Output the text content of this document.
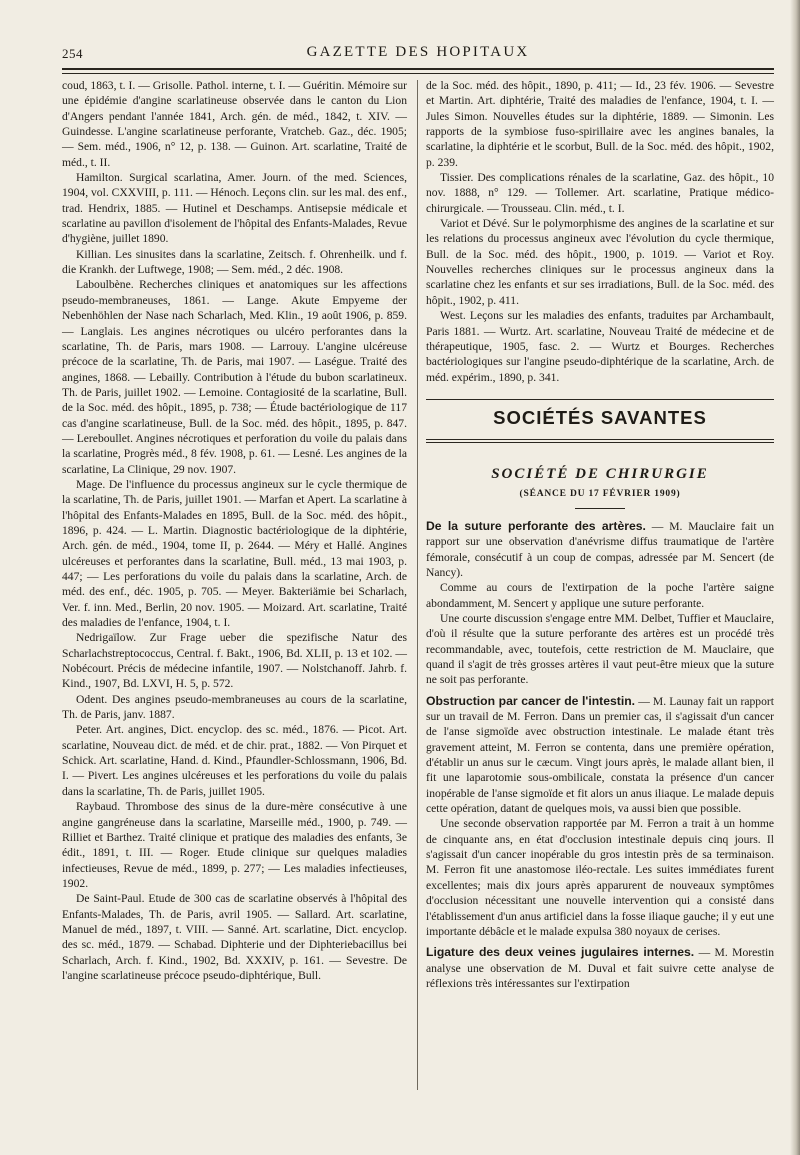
254	GAZETTE DES HOPITAUX

coud, 1863, t. I. — Grisolle. Pathol. interne, t. I. — Guéritin. Mémoire sur une épidémie d'angine scarlatineuse observée dans le canton du Lion d'Angers pendant l'année 1841, Arch. gén. de méd., 1842, t. XIV. — Guindesse. L'angine scarlatineuse perforante, Vratcheb. Gaz., déc. 1905; — Sem. méd., 1906, n° 12, p. 138. — Guinon. Art. scarlatine, Traité de méd., t. II.

Hamilton. Surgical scarlatina, Amer. Journ. of the med. Sciences, 1904, vol. CXXVIII, p. 111. — Hénoch. Leçons clin. sur les mal. des enf., trad. Hendrix, 1885. — Hutinel et Deschamps. Antisepsie médicale et scarlatine au pavillon d'isolement de l'hôpital des Enfants-Malades, Revue d'hygiène, juillet 1890.

Killian. Les sinusites dans la scarlatine, Zeitsch. f. Ohrenheilk. und f. die Krankh. der Luftwege, 1908; — Sem. méd., 2 déc. 1908.

Laboulbène. Recherches cliniques et anatomiques sur les affections pseudo-membraneuses, 1861. — Lange. Akute Empyeme der Nebenhöhlen der Nase nach Scharlach, Med. Klin., 19 août 1906, p. 859. — Langlais. Les angines nécrotiques ou ulcéro perforantes dans la scarlatine, Th. de Paris, mars 1908. — Larrouy. L'angine ulcéreuse précoce de la scarlatine, Th. de Paris, mai 1907. — Laségue. Traité des angines, 1868. — Lebailly. Contribution à l'étude du bubon scarlatineux. Th. de Paris, juillet 1902. — Lemoine. Contagiosité de la scarlatine, Bull. de la Soc. méd. des hôpit., 1895, p. 738; — Étude bactériologique de 117 cas d'angine scarlatineuse, Bull. de la Soc. méd. des hôpit., 1895, p. 847. — Lereboullet. Angines nécrotiques et perforation du voile du palais dans la scarlatine, Progrès méd., 8 fév. 1908, p. 61. — Lesné. Les angines de la scarlatine, La Clinique, 29 nov. 1907.

Mage. De l'influence du processus angineux sur le cycle thermique de la scarlatine, Th. de Paris, juillet 1901. — Marfan et Apert. La scarlatine à l'hôpital des Enfants-Malades en 1895, Bull. de la Soc. méd. des hôpit., 1896, p. 424. — L. Martin. Diagnostic bactériologique de la diphtérie, Arch. gén. de méd., 1904, tome II, p. 2644. — Méry et Hallé. Angines ulcéreuses et perforantes dans la scarlatine, Bull. méd., 13 mai 1903, p. 447; — Les perforations du voile du palais dans la scarlatine, Arch. de méd. des enf., déc. 1905, p. 705. — Meyer. Bakteriämie bei Scharlach, Ver. f. inn. Med., Berlin, 20 nov. 1905. — Moizard. Art. scarlatine, Traité des maladies de l'enfance, 1904, t. I.

Nedrigaïlow. Zur Frage ueber die spezifische Natur des Scharlachstreptococcus, Central. f. Bakt., 1906, Bd. XLII, p. 13 et 102. — Nobécourt. Précis de médecine infantile, 1907. — Nolstchanoff. Jahrb. f. Kind., 1907, Bd. LXVI, H. 5, p. 572.

Odent. Des angines pseudo-membraneuses au cours de la scarlatine, Th. de Paris, janv. 1887.

Peter. Art. angines, Dict. encyclop. des sc. méd., 1876. — Picot. Art. scarlatine, Nouveau dict. de méd. et de chir. prat., 1882. — Von Pirquet et Schick. Art. scarlatine, Hand. d. Kind., Pfaundler-Schlossmann, 1906, Bd. I. — Pivert. Les angines ulcéreuses et les perforations du voile du palais dans la scarlatine, Th. de Paris, juillet 1905.

Raybaud. Thrombose des sinus de la dure-mère consécutive à une angine gangréneuse dans la scarlatine, Marseille méd., 1900, p. 749. — Rilliet et Barthez. Traité clinique et pratique des maladies des enfants, 3e édit., 1891, t. III. — Roger. Etude clinique sur quelques maladies infectieuses, Revue de méd., 1899, p. 277; — Les maladies infectieuses, 1902.

De Saint-Paul. Etude de 300 cas de scarlatine observés à l'hôpital des Enfants-Malades, Th. de Paris, avril 1905. — Sallard. Art. scarlatine, Manuel de méd., 1897, t. VIII. — Sanné. Art. scarlatine, Dict. encyclop. des sc. méd., 1879. — Schabad. Diphterie und der Diphteriebacillus bei Scharlach, Arch. f. Kind., 1902, Bd. XXXIV, p. 161. — Sevestre. De l'angine scarlatineuse précoce pseudo-diphtérique, Bull.

de la Soc. méd. des hôpit., 1890, p. 411; — Id., 23 fév. 1906. — Sevestre et Martin. Art. diphtérie, Traité des maladies de l'enfance, 1904, t. I. — Jules Simon. Nouvelles études sur la diphtérie, 1889. — Simonin. Les rapports de la symbiose fuso-spirillaire avec les angines banales, la scarlatine, la diphtérie et le scorbut, Bull. de la Soc. méd. des hôpit., 1902, p. 239.

Tissier. Des complications rénales de la scarlatine, Gaz. des hôpit., 10 nov. 1888, n° 129. — Tollemer. Art. scarlatine, Pratique médico-chirurgicale. — Trousseau. Clin. méd., t. I.

Variot et Dévé. Sur le polymorphisme des angines de la scarlatine et sur les relations du processus angineux avec l'évolution du cycle thermique, Bull. de la Soc. méd. des hôpit., 1900, p. 1019. — Variot et Roy. Nouvelles recherches cliniques sur le processus angineux dans la scarlatine chez les enfants et sur ses irradiations, Bull. de la Soc. méd. des hôpit., 1902, p. 411.

West. Leçons sur les maladies des enfants, traduites par Archambault, Paris 1881. — Wurtz. Art. scarlatine, Nouveau Traité de médecine et de thérapeutique, 1905, fasc. 2. — Wurtz et Bourges. Recherches bactériologiques sur l'angine pseudo-diphtérique de la scarlatine, Arch. de méd. expérim., 1890, p. 341.

SOCIÉTÉS SAVANTES
SOCIÉTÉ DE CHIRURGIE
(SÉANCE DU 17 FÉVRIER 1909)

De la suture perforante des artères. — M. Mauclaire fait un rapport sur une observation d'anévrisme diffus traumatique de l'artère fémorale, consécutif à un coup de compas, adressée par M. Sencert (de Nancy).

Comme au cours de l'extirpation de la poche l'artère saigne abondamment, M. Sencert y applique une suture perforante.

Une courte discussion s'engage entre MM. Delbet, Tuffier et Mauclaire, d'où il résulte que la suture perforante des artères est un procédé très recommandable, avec, toutefois, cette restriction de M. Mauclaire, que quand il s'agit de très grosses artères il vaut peut-être mieux que la suture ne soit pas perforante.

Obstruction par cancer de l'intestin. — M. Launay fait un rapport sur un travail de M. Ferron. Dans un premier cas, il s'agissait d'un cancer de l'anse sigmoïde avec obstruction intestinale. Le malade étant très gravement atteint, M. Ferron se contenta, dans une première opération, d'établir un anus sur le cæcum. Vingt jours après, le malade allant bien, il fit une laparotomie sous-ombilicale, constata la présence d'un cancer inopérable de l'anse sigmoïde et fit alors un anus iliaque. Le malade depuis cette opération, datant de quelques mois, va aussi bien que possible.

Une seconde observation rapportée par M. Ferron a trait à un homme de cinquante ans, en état d'occlusion intestinale depuis cinq jours. Il s'agissait d'un cancer inopérable du gros intestin près de sa terminaison. M. Ferron fit une anastomose iléo-rectale. Les suites immédiates furent excellentes; mais dix jours après apparurent de nouveaux symptômes d'occlusion nécessitant une nouvelle intervention qui a consisté dans l'établissement d'un anus artificiel dans la fosse iliaque gauche; il y eut une importante débâcle et le malade expulsa 380 noyaux de cerises.

Ligature des deux veines jugulaires internes. — M. Morestin analyse une observation de M. Duval et fait suivre cette analyse de réflexions très intéressantes sur l'extirpation
